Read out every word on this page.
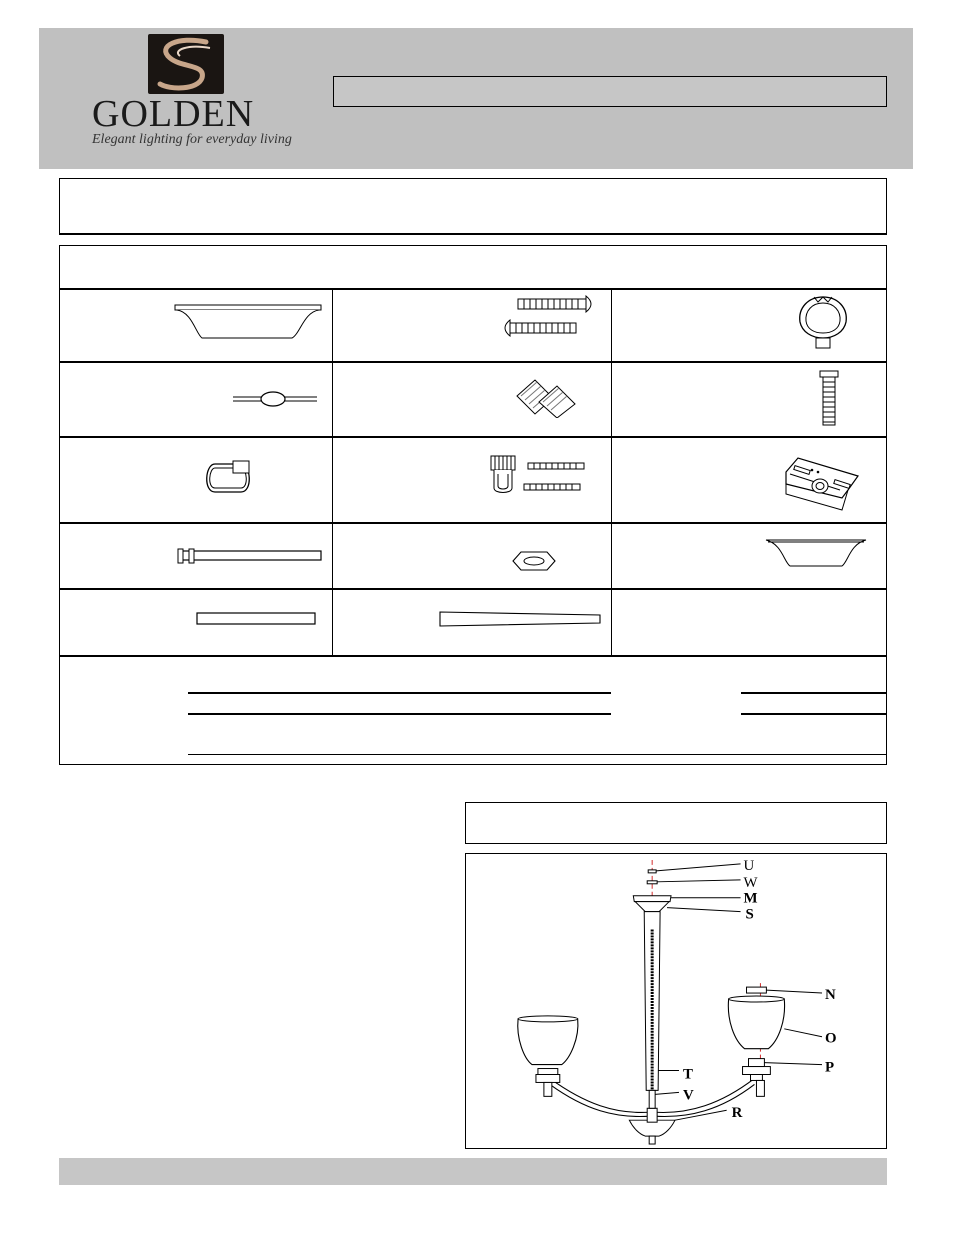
GOLDEN
Elegant lighting for everyday living
U
W
M
S
N
O
P
T
V
R
